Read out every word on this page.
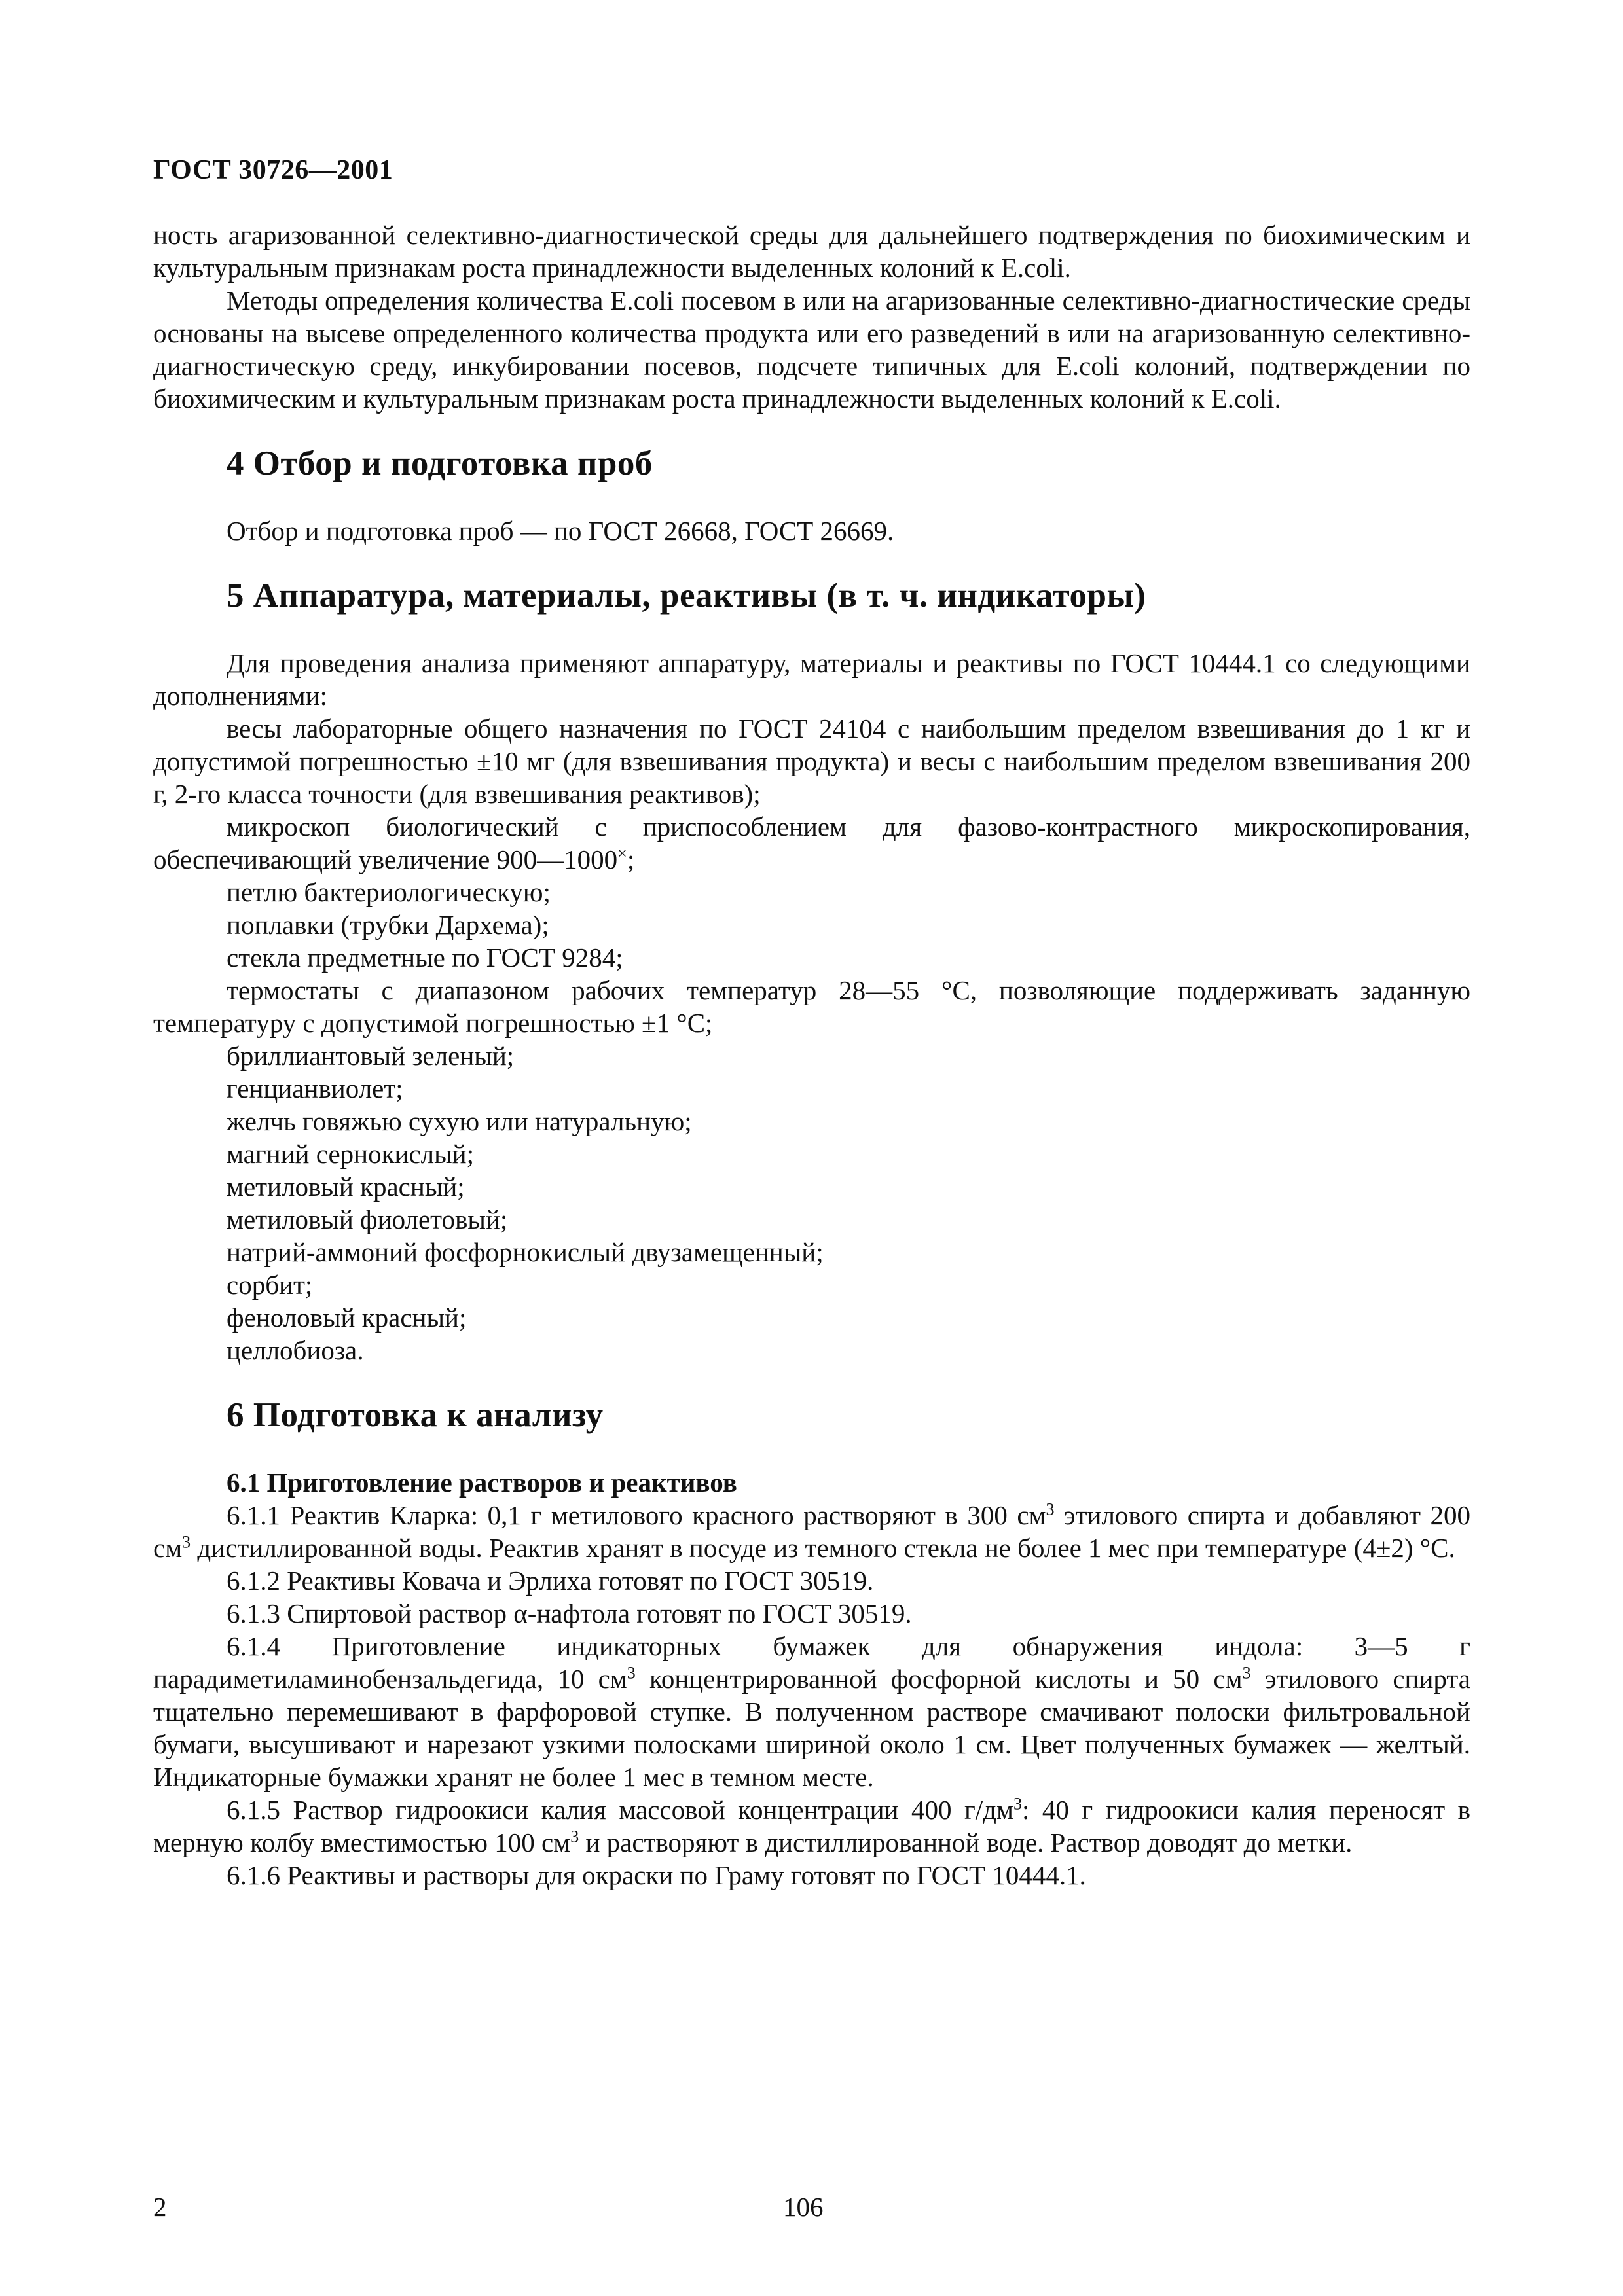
ГОСТ 30726—2001

ность агаризованной селективно-диагностической среды для дальнейшего подтверждения по биохимическим и культуральным признакам роста принадлежности выделенных колоний к E.coli.

Методы определения количества E.coli посевом в или на агаризованные селективно-диагностические среды основаны на высеве определенного количества продукта или его разведений в или на агаризованную селективно-диагностическую среду, инкубировании посевов, подсчете типичных для E.coli колоний, подтверждении по биохимическим и культуральным признакам роста принадлежности выделенных колоний к E.coli.

4 Отбор и подготовка проб

Отбор и подготовка проб — по ГОСТ 26668, ГОСТ 26669.

5 Аппаратура, материалы, реактивы (в т. ч. индикаторы)

Для проведения анализа применяют аппаратуру, материалы и реактивы по ГОСТ 10444.1 со следующими дополнениями:

весы лабораторные общего назначения по ГОСТ 24104 с наибольшим пределом взвешивания до 1 кг и допустимой погрешностью ±10 мг (для взвешивания продукта) и весы с наибольшим пределом взвешивания 200 г, 2-го класса точности (для взвешивания реактивов);

микроскоп биологический с приспособлением для фазово-контрастного микроскопирования, обеспечивающий увеличение 900—1000×;

петлю бактериологическую;

поплавки (трубки Дархема);

стекла предметные по ГОСТ 9284;

термостаты с диапазоном рабочих температур 28—55 °С, позволяющие поддерживать заданную температуру с допустимой погрешностью ±1 °С;

бриллиантовый зеленый;

генцианвиолет;

желчь говяжью сухую или натуральную;

магний сернокислый;

метиловый красный;

метиловый фиолетовый;

натрий-аммоний фосфорнокислый двузамещенный;

сорбит;

феноловый красный;

целлобиоза.

6 Подготовка к анализу
6.1 Приготовление растворов и реактивов

6.1.1 Реактив Кларка: 0,1 г метилового красного растворяют в 300 $см^3$ этилового спирта и добавляют 200 $см^3$ дистиллированной воды. Реактив хранят в посуде из темного стекла не более 1 мес при температуре (4±2) °С.

6.1.2 Реактивы Ковача и Эрлиха готовят по ГОСТ 30519.

6.1.3 Спиртовой раствор α-нафтола готовят по ГОСТ 30519.

6.1.4 Приготовление индикаторных бумажек для обнаружения индола: 3—5 г парадиметиламинобензальдегида, 10 $см^3$ концентрированной фосфорной кислоты и 50 $см^3$ этилового спирта тщательно перемешивают в фарфоровой ступке. В полученном растворе смачивают полоски фильтровальной бумаги, высушивают и нарезают узкими полосками шириной около 1 см. Цвет полученных бумажек — желтый. Индикаторные бумажки хранят не более 1 мес в темном месте.

6.1.5 Раствор гидроокиси калия массовой концентрации 400 $г/дм^3$: 40 г гидроокиси калия переносят в мерную колбу вместимостью 100 $см^3$ и растворяют в дистиллированной воде. Раствор доводят до метки.

6.1.6 Реактивы и растворы для окраски по Граму готовят по ГОСТ 10444.1.

2	106
